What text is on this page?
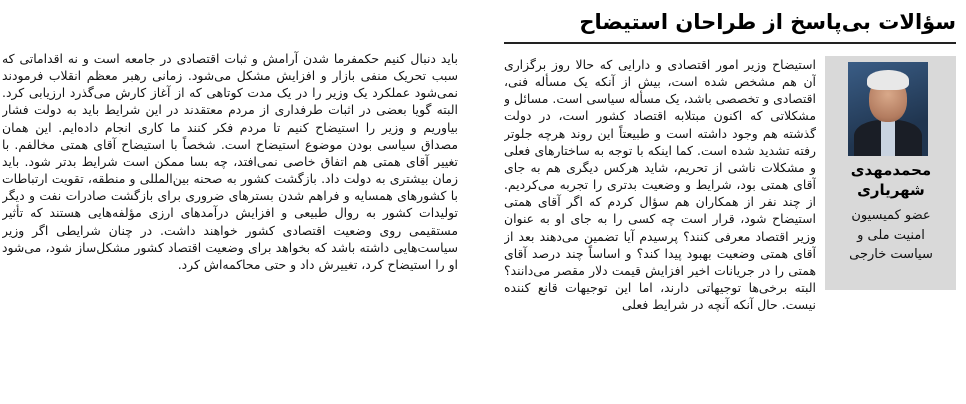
سؤالات بی‌پاسخ از طراحان استیضاح
محمدمهدی
شهریاری
عضو کمیسیون
امنیت ملی و
سیاست خارجی

استیضاح وزیر امور اقتصادی و دارایی که حالا روز برگزاری آن هم مشخص شده است، بیش از آنکه یک مسأله فنی، اقتصادی و تخصصی باشد، یک مسأله سیاسی است. مسائل و مشکلاتی که اکنون مبتلابه اقتصاد کشور است، در دولت گذشته هم وجود داشته است و طبیعتاً این روند هرچه جلوتر رفته تشدید شده است. کما اینکه با توجه به ساختارهای فعلی و مشکلات ناشی از تحریم، شاید هرکس دیگری هم به جای آقای همتی بود، شرایط و وضعیت بدتری را تجربه می‌کردیم. از چند نفر از همکاران هم سؤال کردم که اگر آقای همتی استیضاح شود، قرار است چه کسی را به جای او به عنوان وزیر اقتصاد معرفی کنند؟ پرسیدم آیا تضمین می‌دهند بعد از آقای همتی وضعیت بهبود پیدا کند؟ و اساساً چند درصد آقای همتی را در جریانات اخیر افزایش قیمت دلار مقصر می‌دانند؟ البته برخی‌ها توجیهاتی دارند، اما این توجیهات قانع کننده نیست. حال آنکه آنچه در شرایط فعلی

باید دنبال کنیم حکمفرما شدن آرامش و ثبات اقتصادی در جامعه است و نه اقداماتی که سبب تحریک منفی بازار و افزایش مشکل می‌شود. زمانی رهبر معظم انقلاب فرمودند نمی‌شود عملکرد یک وزیر را در یک مدت کوتاهی که از آغاز کارش می‌گذرد ارزیابی کرد. البته گویا بعضی در اثبات طرفداری از مردم معتقدند در این شرایط باید به دولت فشار بیاوریم و وزیر را استیضاح کنیم تا مردم فکر کنند ما کاری انجام داده‌ایم. این همان مصداق سیاسی بودن موضوع استیضاح است. شخصاً با استیضاح آقای همتی مخالفم. با تغییر آقای همتی هم اتفاق خاصی نمی‌افتد، چه بسا ممکن است شرایط بدتر شود. باید زمان بیشتری به دولت داد. بازگشت کشور به صحنه بین‌المللی و منطقه، تقویت ارتباطات با کشورهای همسایه و فراهم شدن بسترهای ضروری برای بازگشت صادرات نفت و دیگر تولیدات کشور به روال طبیعی و افزایش درآمدهای ارزی مؤلفه‌هایی هستند که تأثیر مستقیمی روی وضعیت اقتصادی کشور خواهند داشت. در چنان شرایطی اگر وزیر سیاست‌هایی داشته باشد که بخواهد برای وضعیت اقتصاد کشور مشکل‌ساز شود، می‌شود او را استیضاح کرد، تغییرش داد و حتی محاکمه‌اش کرد.
